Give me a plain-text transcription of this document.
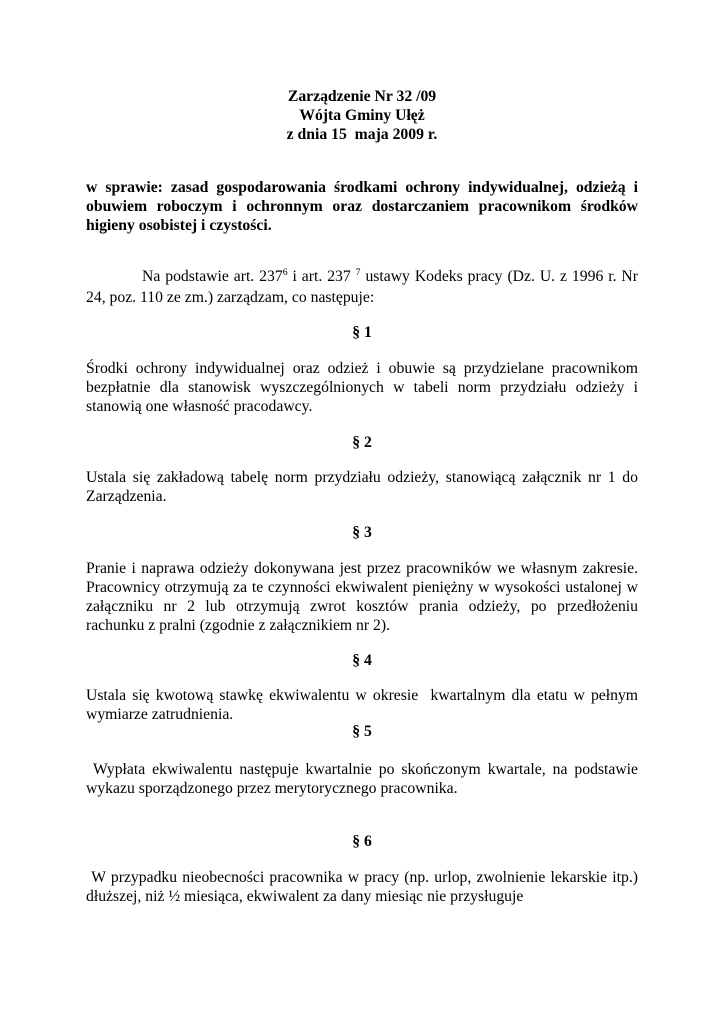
Zarządzenie Nr 32 /09
Wójta Gminy Ułęż
z dnia 15  maja 2009 r.
w sprawie: zasad gospodarowania środkami ochrony indywidualnej, odzieżą i
obuwiem roboczym i ochronnym oraz dostarczaniem pracownikom środków
higieny osobistej i czystości.
Na podstawie art. $237^6$ i art. 237 $^7$ ustawy Kodeks pracy (Dz. U. z 1996 r. Nr
24, poz. 110 ze zm.) zarządzam, co następuje:
§ 1
Środki ochrony indywidualnej oraz odzież i obuwie są przydzielane pracownikom
bezpłatnie dla stanowisk wyszczególnionych w tabeli norm przydziału odzieży i
stanowią one własność pracodawcy.
§ 2
Ustala się zakładową tabelę norm przydziału odzieży, stanowiącą załącznik nr 1 do
Zarządzenia.
§ 3
Pranie i naprawa odzieży dokonywana jest przez pracowników we własnym zakresie.
Pracownicy otrzymują za te czynności ekwiwalent pieniężny w wysokości ustalonej w
załączniku nr 2 lub otrzymują zwrot kosztów prania odzieży, po przedłożeniu
rachunku z pralni (zgodnie z załącznikiem nr 2).
§ 4
Ustala się kwotową stawkę ekwiwalentu w okresie  kwartalnym dla etatu w pełnym
wymiarze zatrudnienia.
§ 5
Wypłata ekwiwalentu następuje kwartalnie po skończonym kwartale, na podstawie
wykazu sporządzonego przez merytorycznego pracownika.
§ 6
W przypadku nieobecności pracownika w pracy (np. urlop, zwolnienie lekarskie itp.)
dłuższej, niż ½ miesiąca, ekwiwalent za dany miesiąc nie przysługuje
